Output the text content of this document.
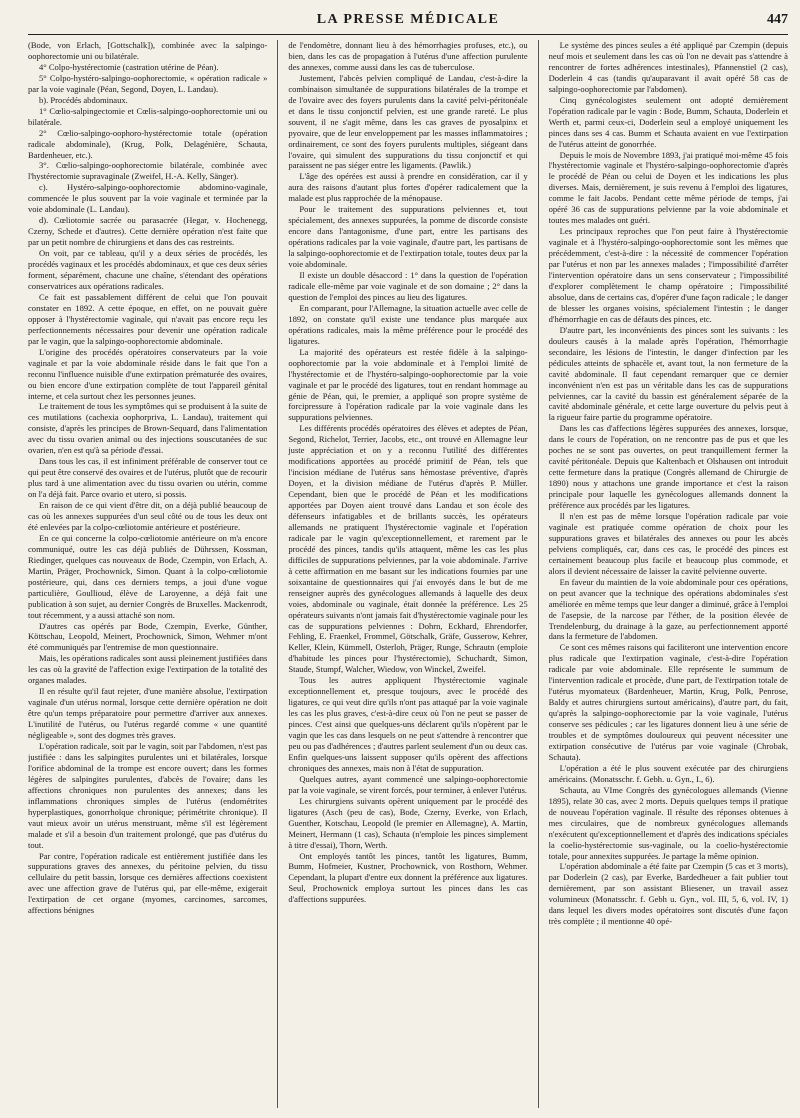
LA PRESSE MÉDICALE	447

(Bode, von Erlach, [Gottschalk]), combinée avec la salpingo-oophorectomie uni ou bilatérale.

4° Colpo-hystérectomie (castration utérine de Péan).

5° Colpo-hystéro-salpingo-oophorectomie, « opération radicale » par la voie vaginale (Péan, Segond, Doyen, L. Landau).

b). Procédés abdominaux.

1° Cœlio-salpingectomie et Cœlis-salpingo-oophorectomie uni ou bilatérale.

2° Cœlio-salpingo-oophoro-hystérectomie totale (opération radicale abdominale), (Krug, Polk, Delagénière, Schauta, Bardenheuer, etc.).

3°. Cœlio-salpingo-oophorectomie bilatérale, combinée avec l'hystérectomie supravaginale (Zweifel, H.-A. Kelly, Sänger).

c). Hystéro-salpingo-oophorectomie abdomino-vaginale, commencée le plus souvent par la voie vaginale et terminée par la voie abdominale (L. Landau).

d). Cœliotomie sacrée ou parasacrée (Hegar, v. Hochenegg, Czerny, Schede et d'autres). Cette dernière opération n'est faite que par un petit nombre de chirurgiens et dans des cas restreints.

On voit, par ce tableau, qu'il y a deux séries de procédés, les procédés vaginaux et les procédés abdominaux, et que ces deux séries forment, séparément, chacune une chaîne, s'étendant des opérations conservatrices aux opérations radicales.

Ce fait est passablement différent de celui que l'on pouvait constater en 1892. A cette époque, en effet, on ne pouvait guère opposer à l'hystérectomie vaginale, qui n'avait pas encore reçu les perfectionnements nécessaires pour devenir une opération radicale par le vagin, que la salpingo-oophorectomie abdominale.

L'origine des procédés opératoires conservateurs par la voie vaginale et par la voie abdominale réside dans le fait que l'on a reconnu l'influence nuisible d'une extirpation prématurée des ovaires, ou bien encore d'une extirpation complète de tout l'appareil génital interne, et cela surtout chez les personnes jeunes.

Le traitement de tous les symptômes qui se produisent à la suite de ces mutilations (cachexia oophorpriva, L. Landau), traitement qui consiste, d'après les principes de Brown-Sequard, dans l'alimentation avec du tissu ovarien animal ou des injections souscutanées de suc ovarien, n'en est qu'à sa période d'essai.

Dans tous les cas, il est infiniment préférable de conserver tout ce qui peut être conservé des ovaires et de l'utérus, plutôt que de recourir plus tard à une alimentation avec du tissu ovarien ou utérin, comme on l'a déjà fait. Parce ovario et utero, si possis.

En raison de ce qui vient d'être dit, on a déjà publié beaucoup de cas où les annexes suppurées d'un seul côté ou de tous les deux ont été enlevées par la colpo-cœliotomie antérieure et postérieure.

En ce qui concerne la colpo-cœliotomie antérieure on m'a encore communiqué, outre les cas déjà publiés de Dührssen, Kossman, Riedinger, quelques cas nouveaux de Bode, Czempin, von Erlach, A. Martin, Präger, Prochownick, Simon. Quant à la colpo-cœliotomie postérieure, qui, dans ces derniers temps, a joui d'une vogue particulière, Goullioud, élève de Laroyenne, a déjà fait une publication à son sujet, au dernier Congrès de Bruxelles. Mackenrodt, tout récemment, y a aussi attaché son nom.

D'autres cas opérés par Bode, Czempin, Everke, Günther, Köttschau, Leopold, Meinert, Prochownick, Simon, Wehmer m'ont été communiqués par l'entremise de mon questionnaire.

Mais, les opérations radicales sont aussi pleinement justifiées dans les cas où la gravité de l'affection exige l'extirpation de la totalité des organes malades.

Il en résulte qu'il faut rejeter, d'une manière absolue, l'extirpation vaginale d'un utérus normal, lorsque cette dernière opération ne doit être qu'un temps préparatoire pour permettre d'arriver aux annexes. L'inutilité de l'utérus, ou l'utérus regardé comme « une quantité négligeable », sont des dogmes très graves.

L'opération radicale, soit par le vagin, soit par l'abdomen, n'est pas justifiée : dans les salpingites purulentes uni et bilatérales, lorsque l'orifice abdominal de la trompe est encore ouvert; dans les formes légères de salpingites purulentes, d'abcès de l'ovaire; dans les affections chroniques non purulentes des annexes; dans les inflammations chroniques simples de l'utérus (endométrites hyperplastiques, gonorrhoïque chronique; périmétrite chronique). Il vaut mieux avoir un utérus menstruant, même s'il est légèrement malade et s'il a besoin d'un traitement prolongé, que pas d'utérus du tout.

Par contre, l'opération radicale est entièrement justifiée dans les suppurations graves des annexes, du péritoine pelvien, du tissu cellulaire du petit bassin, lorsque ces dernières affections coexistent avec une affection grave de l'utérus qui, par elle-même, exigerait l'extirpation de cet organe (myomes, carcinomes, sarcomes, affections bénignes

de l'endomètre, donnant lieu à des hémorrhagies profuses, etc.), ou bien, dans les cas de propagation à l'utérus d'une affection purulente des annexes, comme aussi dans les cas de tuberculose.

Justement, l'abcès pelvien compliqué de Landau, c'est-à-dire la combinaison simultanée de suppurations bilatérales de la trompe et de l'ovaire avec des foyers purulents dans la cavité pelvi-péritonéale et dans le tissu conjonctif pelvien, est une grande rareté. Le plus souvent, il ne s'agit même, dans les cas graves de pyosalpinx et pyovaire, que de leur enveloppement par les masses inflammatoires ; ordinairement, ce sont des foyers purulents multiples, siégeant dans l'ovaire, qui simulent des suppurations du tissu conjonctif et qui paraissent ne pas siéger entre les ligaments. (Pawlik.)

L'âge des opérées est aussi à prendre en considération, car il y aura des raisons d'autant plus fortes d'opérer radicalement que la malade est plus rapprochée de la ménopause.

Pour le traitement des suppurations pelviennes et, tout spécialement, des annexes suppurées, la pomme de discorde consiste encore dans l'antagonisme, d'une part, entre les partisans des opérations radicales par la voie vaginale, d'autre part, les partisans de la salpingo-oophorectomie et de l'extirpation totale, toutes deux par la voie abdominale.

Il existe un double désaccord : 1° dans la question de l'opération radicale elle-même par voie vaginale et de son domaine ; 2° dans la question de l'emploi des pinces au lieu des ligatures.

En comparant, pour l'Allemagne, la situation actuelle avec celle de 1892, on constate qu'il existe une tendance plus marquée aux opérations radicales, mais la même préférence pour le procédé des ligatures.

La majorité des opérateurs est restée fidèle à la salpingo-oophorectomie par la voie abdominale et à l'emploi limité de l'hystérectomie et de l'hystéro-salpingo-oophorectomie par la voie vaginale et par le procédé des ligatures, tout en rendant hommage au génie de Péan, qui, le premier, a appliqué son propre système de forcipressure à l'opération radicale par la voie vaginale dans les suppurations pelviennes.

Les différents procédés opératoires des élèves et adeptes de Péan, Segond, Richelot, Terrier, Jacobs, etc., ont trouvé en Allemagne leur juste appréciation et on y a reconnu l'utilité des différentes modifications apportées au procédé primitif de Péan, tels que l'incision médiane de l'utérus sans hémostase préventive, d'après Doyen, et la division médiane de l'utérus d'après P. Müller. Cependant, bien que le procédé de Péan et les modifications apportées par Doyen aient trouvé dans Landau et son école des défenseurs infatigables et de brillants succès, les opérateurs allemands ne pratiquent l'hystérectomie vaginale et l'opération radicale par le vagin qu'exceptionnellement, et rarement par le procédé des pinces, tandis qu'ils attaquent, même les cas les plus difficiles de suppurations pelviennes, par la voie abdominale. J'arrive à cette affirmation en me basant sur les indications fournies par une soixantaine de questionnaires qui j'ai envoyés dans le but de me renseigner auprès des gynécologues allemands à laquelle des deux voies, abdominale ou vaginale, était donnée la préférence. Les 25 opérateurs suivants n'ont jamais fait d'hystérectomie vaginale pour les cas de suppurations pelviennes : Dohrn, Eckhard, Ehrendorfer, Fehling, E. Fraenkel, Frommel, Götschalk, Gräfe, Gusserow, Kehrer, Keller, Klein, Kümmell, Osterloh, Präger, Runge, Schrautn (emploie d'habitude les pinces pour l'hystérectomie), Schuchardt, Simon, Staude, Stumpf, Walcher, Wiedow, von Winckel, Zweifel.

Tous les autres appliquent l'hystérectomie vaginale exceptionnellement et, presque toujours, avec le procédé des ligatures, ce qui veut dire qu'ils n'ont pas attaqué par la voie vaginale les cas les plus graves, c'est-à-dire ceux où l'on ne peut se passer de pinces. C'est ainsi que quelques-uns déclarent qu'ils n'opèrent par le vagin que les cas dans lesquels on ne peut s'attendre à rencontrer que peu ou pas d'adhérences ; d'autres parlent seulement d'un ou deux cas. Enfin quelques-uns laissent supposer qu'ils opèrent des affections chroniques des annexes, mais non à l'état de suppuration.

Quelques autres, ayant commencé une salpingo-oophorectomie par la voie vaginale, se virent forcés, pour terminer, à enlever l'utérus.

Les chirurgiens suivants opèrent uniquement par le procédé des ligatures (Asch (peu de cas), Bode, Czerny, Everke, von Erlach, Guenther, Kotschau, Leopold (le premier en Allemagne), A. Martin, Meinert, Hermann (1 cas), Schauta (n'emploie les pinces simplement à titre d'essai), Thorn, Werth.

Ont employés tantôt les pinces, tantôt les ligatures, Bumm, Bumm, Hofmeier, Kustner, Prochownick, von Rosthorn, Wehmer. Cependant, la plupart d'entre eux donnent la préférence aux ligatures. Seul, Prochownick employa surtout les pinces dans les cas d'affections suppurées.

Le système des pinces seules a été appliqué par Czempin (depuis neuf mois et seulement dans les cas où l'on ne devait pas s'attendre à rencontrer de fortes adhérences intestinales), Pfannenstiel (2 cas), Doderlein 4 cas (tandis qu'auparavant il avait opéré 58 cas de salpingo-oophorectomie par l'abdomen).

Cinq gynécologistes seulement ont adopté dernièrement l'opération radicale par le vagin : Bode, Bumm, Schauta, Doderlein et Werth et, parmi ceux-ci, Doderlein seul a employé uniquement les pinces dans ses 4 cas. Bumm et Schauta avaient en vue l'extirpation de l'utérus atteint de gonorrhée.

Depuis le mois de Novembre 1893, j'ai pratiqué moi-même 45 fois l'hystérectomie vaginale et l'hystéro-salpingo-oophorectomie d'après le procédé de Péan ou celui de Doyen et les indications les plus diverses. Mais, dernièrement, je suis revenu à l'emploi des ligatures, comme le fait Jacobs. Pendant cette même période de temps, j'ai opéré 36 cas de suppurations pelvienne par la voie abdominale et toutes mes malades ont guéri.

Les principaux reproches que l'on peut faire à l'hystérectomie vaginale et à l'hystéro-salpingo-oophorectomie sont les mêmes que précédemment, c'est-à-dire : la nécessité de commencer l'opération par l'utérus et non par les annexes malades ; l'impossibilité d'arrêter l'intervention opératoire dans un sens conservateur ; l'impossibilité d'explorer complètement le champ opératoire ; l'impossibilité absolue, dans de certains cas, d'opérer d'une façon radicale ; le danger de blesser les organes voisins, spécialement l'intestin ; le danger d'hémorrhagie en cas de défauts des pinces, etc.

D'autre part, les inconvénients des pinces sont les suivants : les douleurs causés à la malade après l'opération, l'hémorrhagie secondaire, les lésions de l'intestin, le danger d'infection par les pédicules atteints de sphacèle et, avant tout, la non fermeture de la cavité abdominale. Il faut cependant remarquer que ce dernier inconvénient n'en est pas un véritable dans les cas de suppurations pelviennes, car la cavité du bassin est généralement séparée de la cavité abdominale générale, et cette large ouverture du pelvis peut à la rigueur faire partie du programme opératoire.

Dans les cas d'affections légères suppurées des annexes, lorsque, dans le cours de l'opération, on ne rencontre pas de pus et que les poches ne se sont pas ouvertes, on peut tranquillement fermer la cavité péritonéale. Depuis que Kaltenbach et Olshausen ont introduit cette fermeture dans la pratique (Congrès allemand de Chirurgie de 1890) nous y attachons une grande importance et c'est la raison principale pour laquelle les gynécologues allemands donnent la préférence aux procédés par les ligatures.

Il n'en est pas de même lorsque l'opération radicale par voie vaginale est pratiquée comme opération de choix pour les suppurations graves et bilatérales des annexes ou pour les abcès pelviens compliqués, car, dans ces cas, le procédé des pinces est certainement beaucoup plus facile et beaucoup plus commode, et alors il devient nécessaire de laisser la cavité pelvienne ouverte.

En faveur du maintien de la voie abdominale pour ces opérations, on peut avancer que la technique des opérations abdominales s'est améliorée en même temps que leur danger a diminué, grâce à l'emploi de l'asepsie, de la narcose par l'éther, de la position élevée de Trendelenburg, du drainage à la gaze, au perfectionnement apporté dans la fermeture de l'abdomen.

Ce sont ces mêmes raisons qui faciliteront une intervention encore plus radicale que l'extirpation vaginale, c'est-à-dire l'opération radicale par voie abdominale. Elle représente le summum de l'intervention radicale et procède, d'une part, de l'extirpation totale de l'utérus myomateux (Bardenheuer, Martin, Krug, Polk, Penrose, Baldy et autres chirurgiens surtout américains), d'autre part, du fait, qu'après la salpingo-oophorectomie par la voie vaginale, l'utérus conserve ses pédicules ; car les ligatures donnent lieu à une série de troubles et de symptômes douloureux qui peuvent nécessiter une extirpation consécutive de l'utérus par voie vaginale (Chrobak, Schauta).

L'opération a été le plus souvent exécutée par des chirurgiens américains. (Monatsschr. f. Gebh. u. Gyn., I., 6).

Schauta, au VIme Congrès des gynécologues allemands (Vienne 1895), relate 30 cas, avec 2 morts. Depuis quelques temps il pratique de nouveau l'opération vaginale. Il résulte des réponses obtenues à mes circulaires, que de nombreux gynécologues allemands n'exécutent qu'exceptionnellement et d'après des indications spéciales la coelio-hystérectomie sus-vaginale, ou la coelio-hystérectomie totale, pour annexites suppurées. Je partage la même opinion.

L'opération abdominale a été faite par Czempin (5 cas et 3 morts), par Doderlein (2 cas), par Everke, Bardedheuer a fait publier tout dernièrement, par son assistant Bliesener, un travail assez volumineux (Monatsschr. f. Gebh u. Gyn., vol. III, 5, 6, vol. IV, 1) dans lequel les divers modes opératoires sont discutés d'une façon très complète ; il mentionne 40 opé-
